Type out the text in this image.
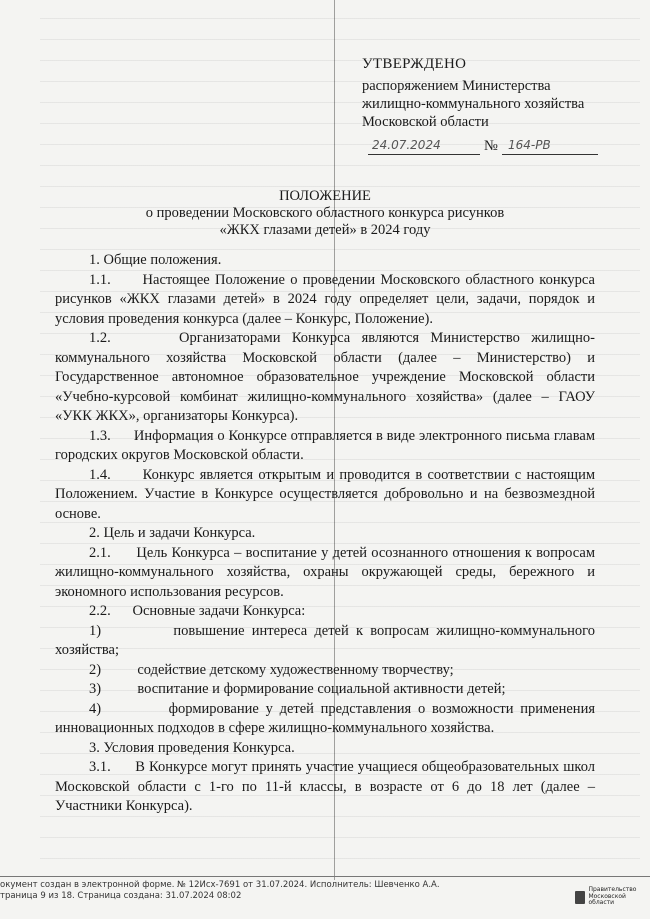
УТВЕРЖДЕНО
распоряжением Министерства
жилищно-коммунального хозяйства
Московской области
24.07.2024	№ 164-РВ
ПОЛОЖЕНИЕ
о проведении Московского областного конкурса рисунков
«ЖКХ глазами детей» в 2024 году

1. Общие положения.

1.1. Настоящее Положение о проведении Московского областного конкурса рисунков «ЖКХ глазами детей» в 2024 году определяет цели, задачи, порядок и условия проведения конкурса (далее – Конкурс, Положение).

1.2.	Организаторами Конкурса являются Министерство жилищно-коммунального хозяйства Московской области (далее – Министерство) и Государственное автономное образовательное учреждение Московской области «Учебно-курсовой комбинат жилищно-коммунального хозяйства» (далее – ГАОУ «УКК ЖКХ», организаторы Конкурса).

1.3. Информация о Конкурсе отправляется в виде электронного письма главам городских округов Московской области.

1.4. Конкурс является открытым и проводится в соответствии с настоящим Положением. Участие в Конкурсе осуществляется добровольно и на безвозмездной основе.

2. Цель и задачи Конкурса.

2.1. Цель Конкурса – воспитание у детей осознанного отношения к вопросам жилищно-коммунального хозяйства, охраны окружающей среды, бережного и экономного использования ресурсов.

2.2. Основные задачи Конкурса:

1)	повышение интереса детей к вопросам жилищно-коммунального хозяйства;

2)	содействие детскому художественному творчеству;

3)	воспитание и формирование социальной активности детей;

4)	формирование у детей представления о возможности применения инновационных подходов в сфере жилищно-коммунального хозяйства.

3. Условия проведения Конкурса.

3.1. В Конкурсе могут принять участие учащиеся общеобразовательных школ Московской области с 1-го по 11-й классы, в возрасте от 6 до 18 лет (далее – Участники Конкурса).

окумент создан в электронной форме. № 12Исх-7691 от 31.07.2024. Исполнитель: Шевченко А.А.
траница 9 из 18. Страница создана: 31.07.2024 08:02
Правительство
Московской области
